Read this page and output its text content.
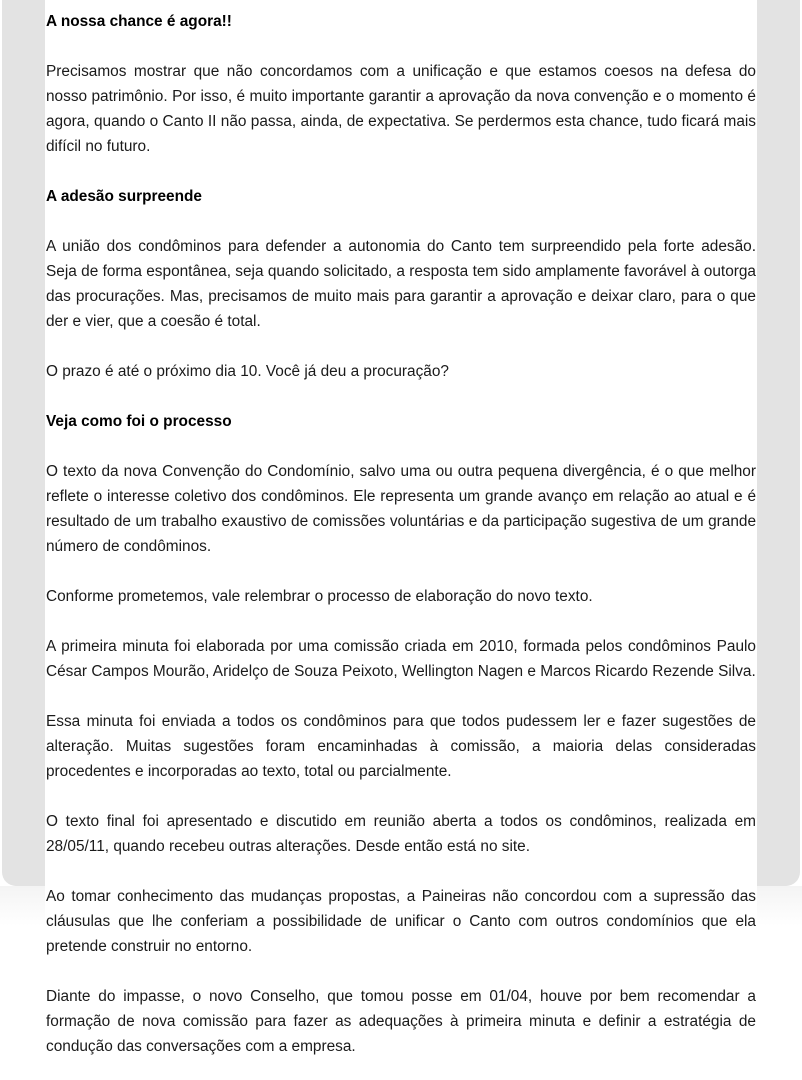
A nossa chance é agora!!

Precisamos mostrar que não concordamos com a unificação e que estamos coesos na defesa do nosso patrimônio. Por isso, é muito importante garantir a aprovação da nova convenção e o momento é agora, quando o Canto II não passa, ainda, de expectativa. Se perdermos esta chance, tudo ficará mais difícil no futuro.

A adesão surpreende

A união dos condôminos para defender a autonomia do Canto tem surpreendido pela forte adesão. Seja de forma espontânea, seja quando solicitado, a resposta tem sido amplamente favorável à outorga das procurações. Mas, precisamos de muito mais para garantir a aprovação e deixar claro, para o que der e vier, que a coesão é total.

O prazo é até o próximo dia 10. Você já deu a procuração?

Veja como foi o processo

O texto da nova Convenção do Condomínio, salvo uma ou outra pequena divergência, é o que melhor reflete o interesse coletivo dos condôminos. Ele representa um grande avanço em relação ao atual e é resultado de um trabalho exaustivo de comissões voluntárias e da participação sugestiva de um grande número de condôminos.

Conforme prometemos, vale relembrar o processo de elaboração do novo texto.

A primeira minuta foi elaborada por uma comissão criada em 2010, formada pelos condôminos Paulo César Campos Mourão, Aridelço de Souza Peixoto, Wellington Nagen e Marcos Ricardo Rezende Silva.

Essa minuta foi enviada a todos os condôminos para que todos pudessem ler e fazer sugestões de alteração. Muitas sugestões foram encaminhadas à comissão, a maioria delas consideradas procedentes e incorporadas ao texto, total ou parcialmente.

O texto final foi apresentado e discutido em reunião aberta a todos os condôminos, realizada em 28/05/11, quando recebeu outras alterações. Desde então está no site.

Ao tomar conhecimento das mudanças propostas, a Paineiras não concordou com a supressão das cláusulas que lhe conferiam a possibilidade de unificar o Canto com outros condomínios que ela pretende construir no entorno.

Diante do impasse, o novo Conselho, que tomou posse em 01/04, houve por bem recomendar a formação de nova comissão para fazer as adequações à primeira minuta e definir a estratégia de condução das conversações com a empresa.
